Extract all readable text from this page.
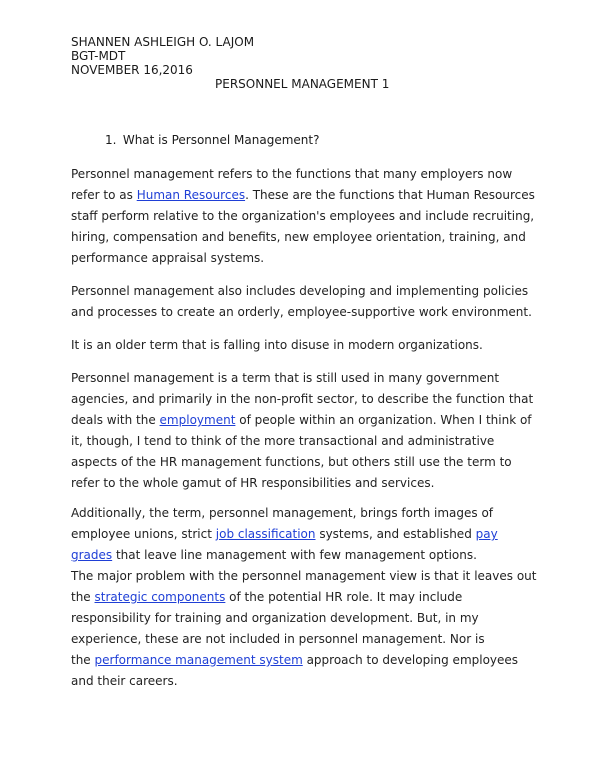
SHANNEN ASHLEIGH O. LAJOM
BGT-MDT
NOVEMBER 16,2016
PERSONNEL MANAGEMENT 1
1. What is Personnel Management?
Personnel management refers to the functions that many employers now
refer to as Human Resources. These are the functions that Human Resources
staff perform relative to the organization's employees and include recruiting,
hiring, compensation and benefits, new employee orientation, training, and
performance appraisal systems.
Personnel management also includes developing and implementing policies
and processes to create an orderly, employee-supportive work environment.
It is an older term that is falling into disuse in modern organizations.
Personnel management is a term that is still used in many government
agencies, and primarily in the non-profit sector, to describe the function that
deals with the employment of people within an organization. When I think of
it, though, I tend to think of the more transactional and administrative
aspects of the HR management functions, but others still use the term to
refer to the whole gamut of HR responsibilities and services.
Additionally, the term, personnel management, brings forth images of
employee unions, strict job classification systems, and established pay
grades that leave line management with few management options.
The major problem with the personnel management view is that it leaves out
the strategic components of the potential HR role. It may include
responsibility for training and organization development. But, in my
experience, these are not included in personnel management. Nor is
the performance management system approach to developing employees
and their careers.
